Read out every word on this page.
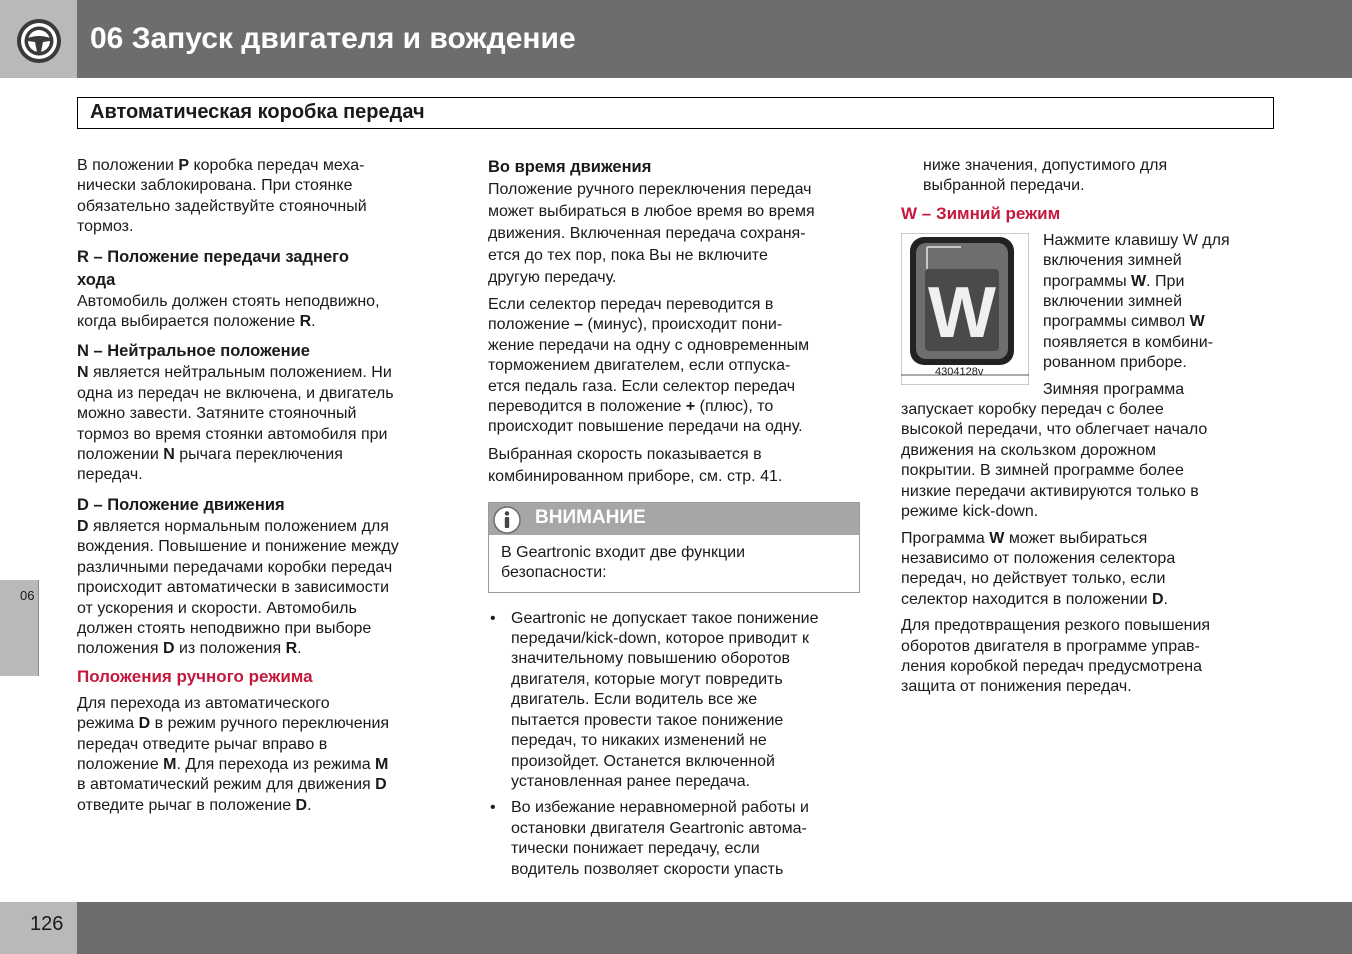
06 Запуск двигателя и вождение
Автоматическая коробка передач

В положении P коробка передач меха-
нически заблокирована. При стоянке
обязательно задействуйте стояночный
тормоз.

R – Положение передачи заднего
хода

Автомобиль должен стоять неподвижно,
когда выбирается положение R.

N – Нейтральное положение

N является нейтральным положением. Ни
одна из передач не включена, и двигатель
можно завести. Затяните стояночный
тормоз во время стоянки автомобиля при
положении N рычага переключения
передач.

D – Положение движения

D является нормальным положением для
вождения. Повышение и понижение между
различными передачами коробки передач
происходит автоматически в зависимости
от ускорения и скорости. Автомобиль
должен стоять неподвижно при выборе
положения D из положения R.

Положения ручного режима

Для перехода из автоматического
режима D в режим ручного переключения
передач отведите рычаг вправо в
положение M. Для перехода из режима M
в автоматический режим для движения D
отведите рычаг в положение D.

Во время движения

Положение ручного переключения передач
может выбираться в любое время во время
движения. Включенная передача сохраня-
ется до тех пор, пока Вы не включите
другую передачу.

Если селектор передач переводится в
положение – (минус), происходит пони-
жение передачи на одну с одновременным
торможением двигателем, если отпуска-
ется педаль газа. Если селектор передач
переводится в положение + (плюс), то
происходит повышение передачи на одну.

Выбранная скорость показывается в
комбинированном приборе, см. стр. 41.

ВНИМАНИЕ
В Geartronic входит две функции
безопасности:
• Geartronic не допускает такое понижение
передачи/kick-down, которое приводит к
значительному повышению оборотов
двигателя, которые могут повредить
двигатель. Если водитель все же
пытается провести такое понижение
передач, то никаких изменений не
произойдет. Останется включенной
установленная ранее передача.
• Во избежание неравномерной работы и
остановки двигателя Geartronic автома-
тически понижает передачу, если
водитель позволяет скорости упасть

ниже значения, допустимого для
выбранной передачи.

W – Зимний режим
W
4304128v

Нажмите клавишу W для
включения зимней
программы W. При
включении зимней
программы символ W
появляется в комбини-
рованном приборе.

Зимняя программа
запускает коробку передач с более
высокой передачи, что облегчает начало
движения на скользком дорожном
покрытии. В зимней программе более
низкие передачи активируются только в
режиме kick-down.

Программа W может выбираться
независимо от положения селектора
передач, но действует только, если
селектор находится в положении D.

Для предотвращения резкого повышения
оборотов двигателя в программе управ-
ления коробкой передач предусмотрена
защита от понижения передач.

06
126
